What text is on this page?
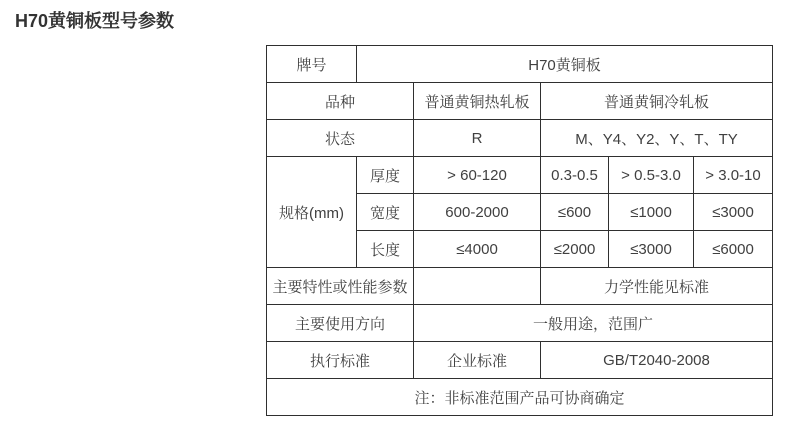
H70黄铜板型号参数
牌号	H70黄铜板				
品种		普通黄铜热轧板	普通黄铜冷轧板		
状态		R	M、Y4、Y2、Y、T、TY		
规格(mm)	厚度	> 60-120	0.3-0.5	> 0.5-3.0	> 3.0-10
	宽度	600-2000	≤600	≤1000	≤3000
	长度	≤4000	≤2000	≤3000	≤6000
主要特性或性能参数			力学性能见标准		
主要使用方向		一般用途，范围广			
执行标准		企业标准	GB/T2040-2008		
注：非标准范围产品可协商确定					
